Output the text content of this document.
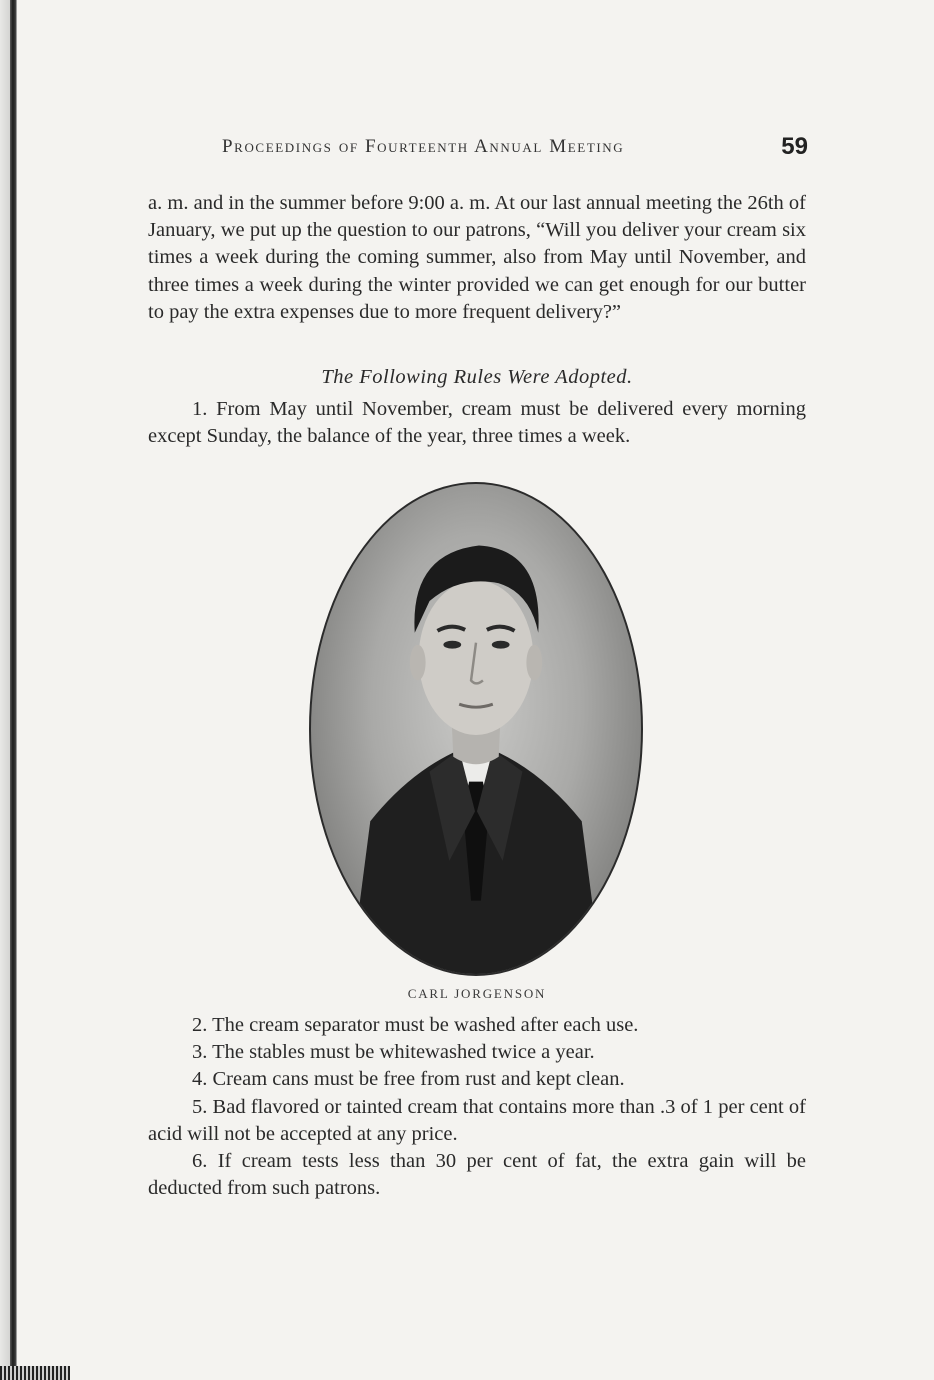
Proceedings of Fourteenth Annual Meeting	59

a. m. and in the summer before 9:00 a. m. At our last annual meeting the 26th of January, we put up the question to our patrons, “Will you deliver your cream six times a week during the coming summer, also from May until November, and three times a week during the winter provided we can get enough for our butter to pay the extra expenses due to more frequent delivery?”

The Following Rules Were Adopted.

1. From May until November, cream must be delivered every morning except Sunday, the balance of the year, three times a week.

CARL JORGENSON

2. The cream separator must be washed after each use.

3. The stables must be whitewashed twice a year.

4. Cream cans must be free from rust and kept clean.

5. Bad flavored or tainted cream that contains more than .3 of 1 per cent of acid will not be accepted at any price.

6. If cream tests less than 30 per cent of fat, the extra gain will be deducted from such patrons.
